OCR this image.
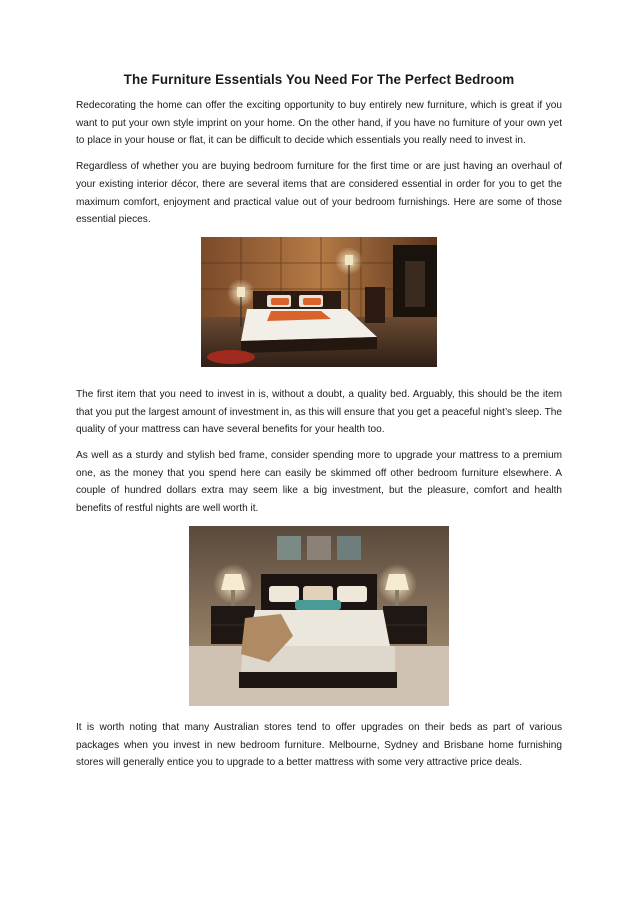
The Furniture Essentials You Need For The Perfect Bedroom

Redecorating the home can offer the exciting opportunity to buy entirely new furniture, which is great if you want to put your own style imprint on your home. On the other hand, if you have no furniture of your own yet to place in your house or flat, it can be difficult to decide which essentials you really need to invest in.

Regardless of whether you are buying bedroom furniture for the first time or are just having an overhaul of your existing interior décor, there are several items that are considered essential in order for you to get the maximum comfort, enjoyment and practical value out of your bedroom furnishings. Here are some of those essential pieces.

The first item that you need to invest in is, without a doubt, a quality bed. Arguably, this should be the item that you put the largest amount of investment in, as this will ensure that you get a peaceful night’s sleep. The quality of your mattress can have several benefits for your health too.

As well as a sturdy and stylish bed frame, consider spending more to upgrade your mattress to a premium one, as the money that you spend here can easily be skimmed off other bedroom furniture elsewhere. A couple of hundred dollars extra may seem like a big investment, but the pleasure, comfort and health benefits of restful nights are well worth it.

It is worth noting that many Australian stores tend to offer upgrades on their beds as part of various packages when you invest in new bedroom furniture. Melbourne, Sydney and Brisbane home furnishing stores will generally entice you to upgrade to a better mattress with some very attractive price deals.
